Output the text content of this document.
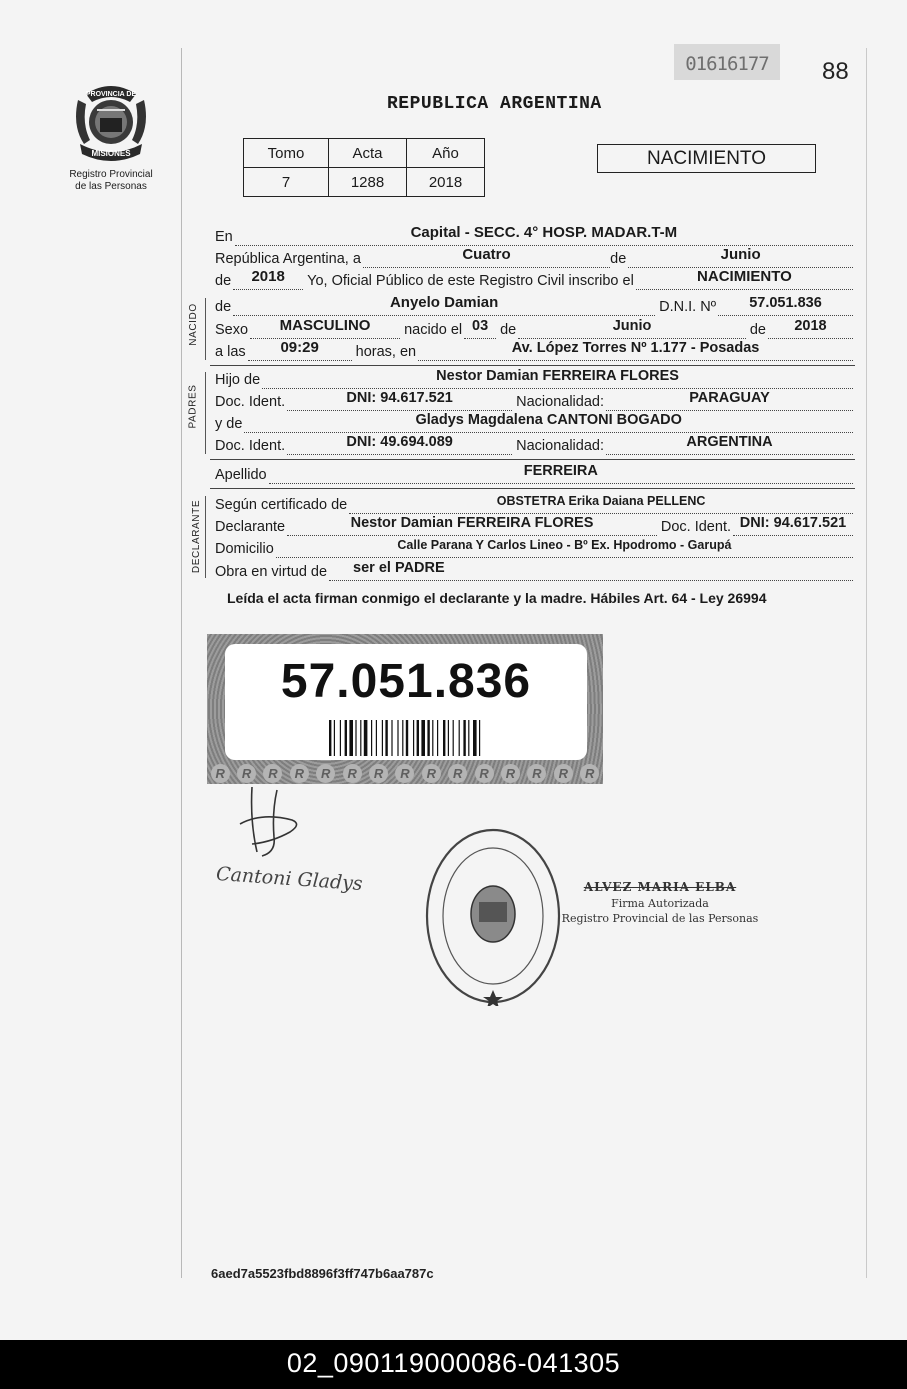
PROVINCIA DE
MISIONES
Registro Provincial
de las Personas
01616177	88
REPUBLICA ARGENTINA
Tomo	Acta	Año
7	1288	2018
NACIMIENTO
En	Capital - SECC. 4° HOSP. MADAR.T-M
República Argentina, a	Cuatro	de	Junio
de	2018	Yo, Oficial Público de este Registro Civil inscribo el	NACIMIENTO
NACIDO de	Anyelo Damian	D.N.I. Nº	57.051.836
Sexo	MASCULINO	nacido el 03 de	Junio	de	2018
a las	09:29	horas, en	Av. López Torres Nº 1.177 - Posadas
PADRES
Hijo de	Nestor Damian FERREIRA FLORES
Doc. Ident.	DNI: 94.617.521	Nacionalidad:	PARAGUAY
y de	Gladys Magdalena CANTONI BOGADO
Doc. Ident.	DNI: 49.694.089	Nacionalidad:	ARGENTINA
Apellido	FERREIRA
DECLARANTE Según certificado de	OBSTETRA Erika Daiana PELLENC
Declarante	Nestor Damian FERREIRA FLORES	Doc. Ident. DNI: 94.617.521
Domicilio	Calle Parana Y Carlos Lineo - Bº Ex. Hpodromo - Garupá
Obra en virtud de	ser el PADRE
Leída el acta firman conmigo el declarante y la madre. Hábiles Art. 64 - Ley 26994
57.051.836
R	R	R	R	R	R	R	R	R	R	R	R	R	R	R
Cantoni Gladys	ALVEZ MARIA ELBA
Firma Autorizada
Registro Provincial de las Personas
6aed7a5523fbd8896f3ff747b6aa787c
02_090119000086-041305
